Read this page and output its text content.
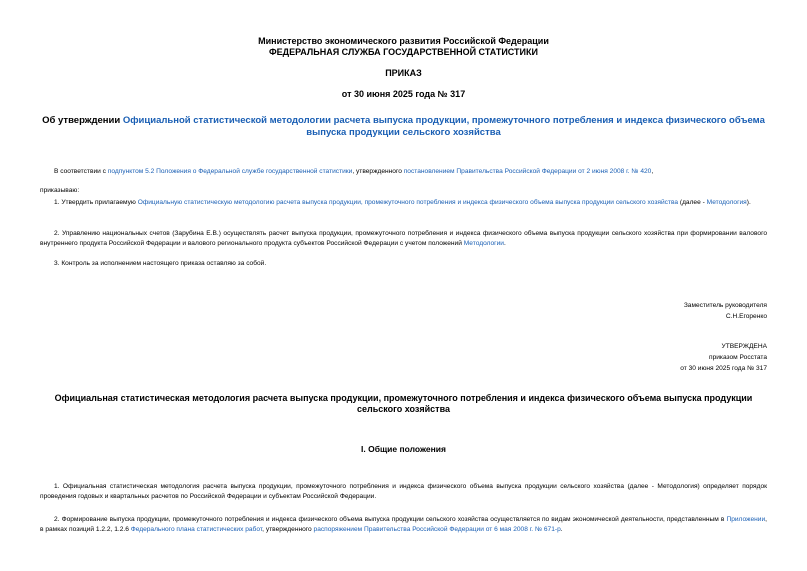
Министерство экономического развития Российской Федерации
ФЕДЕРАЛЬНАЯ СЛУЖБА ГОСУДАРСТВЕННОЙ СТАТИСТИКИ
ПРИКАЗ
от 30 июня 2025 года № 317
Об утверждении Официальной статистической методологии расчета выпуска продукции, промежуточного потребления и индекса физического объема выпуска продукции сельского хозяйства
В соответствии с подпунктом 5.2 Положения о Федеральной службе государственной статистики, утвержденного постановлением Правительства Российской Федерации от 2 июня 2008 г. № 420,
приказываю:
1. Утвердить прилагаемую Официальную статистическую методологию расчета выпуска продукции, промежуточного потребления и индекса физического объема выпуска продукции сельского хозяйства (далее - Методология).
2. Управлению национальных счетов (Зарубина Е.В.) осуществлять расчет выпуска продукции, промежуточного потребления и индекса физического объема выпуска продукции сельского хозяйства при формировании валового внутреннего продукта Российской Федерации и валового регионального продукта субъектов Российской Федерации с учетом положений Методологии.
3. Контроль за исполнением настоящего приказа оставляю за собой.
Заместитель руководителя
С.Н.Егоренко
УТВЕРЖДЕНА
приказом Росстата
от 30 июня 2025 года № 317
Официальная статистическая методология расчета выпуска продукции, промежуточного потребления и индекса физического объема выпуска продукции сельского хозяйства
I. Общие положения
1. Официальная статистическая методология расчета выпуска продукции, промежуточного потребления и индекса физического объема выпуска продукции сельского хозяйства (далее - Методология) определяет порядок проведения годовых и квартальных расчетов по Российской Федерации и субъектам Российской Федерации.
2. Формирование выпуска продукции, промежуточного потребления и индекса физического объема выпуска продукции сельского хозяйства осуществляется по видам экономической деятельности, представленным в Приложении, в рамках позиций 1.2.2, 1.2.6 Федерального плана статистических работ, утвержденного распоряжением Правительства Российской Федерации от 6 мая 2008 г. № 671-р.
